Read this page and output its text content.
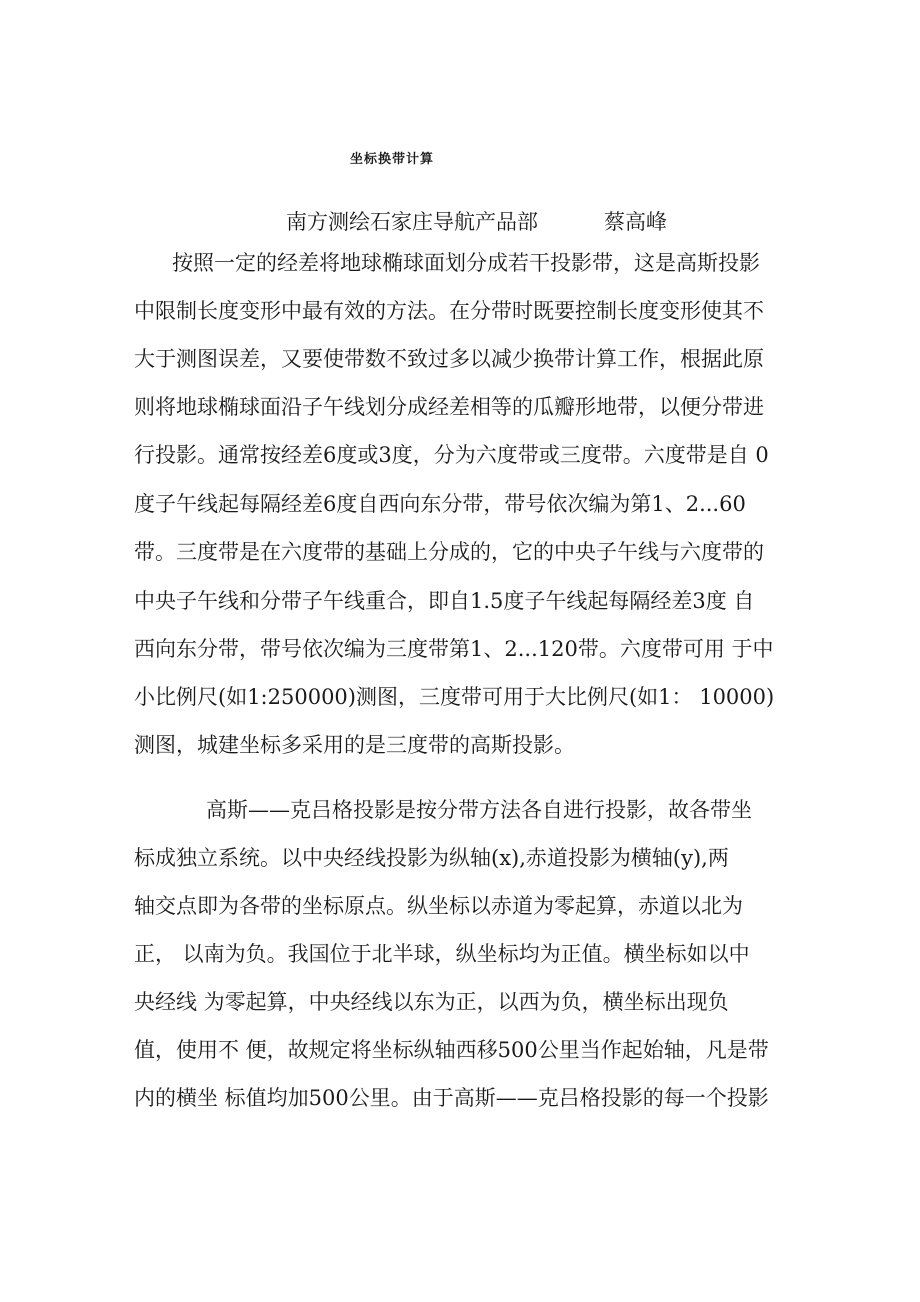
坐标换带计算
南方测绘石家庄导航产品部	蔡高峰
按照一定的经差将地球椭球面划分成若干投影带，这是高斯投影
中限制长度变形中最有效的方法。在分带时既要控制长度变形使其不
大于测图误差，又要使带数不致过多以减少换带计算工作，根据此原
则将地球椭球面沿子午线划分成经差相等的瓜瓣形地带，以便分带进
行投影。通常按经差6度或3度，分为六度带或三度带。六度带是自 0
度子午线起每隔经差6度自西向东分带，带号依次编为第1、2...60
带。三度带是在六度带的基础上分成的，它的中央子午线与六度带的
中央子午线和分带子午线重合，即自1.5度子午线起每隔经差3度 自
西向东分带，带号依次编为三度带第1、2...120带。六度带可用 于中
小比例尺(如1:250000)测图，三度带可用于大比例尺(如1： 10000)
测图，城建坐标多采用的是三度带的高斯投影。
高斯——克吕格投影是按分带方法各自进行投影，故各带坐
标成独立系统。以中央经线投影为纵轴(x),赤道投影为横轴(y),两
轴交点即为各带的坐标原点。纵坐标以赤道为零起算，赤道以北为
正， 以南为负。我国位于北半球，纵坐标均为正值。横坐标如以中
央经线 为零起算，中央经线以东为正，以西为负，横坐标出现负
值，使用不 便，故规定将坐标纵轴西移500公里当作起始轴，凡是带
内的横坐 标值均加500公里。由于高斯——克吕格投影的每一个投影
